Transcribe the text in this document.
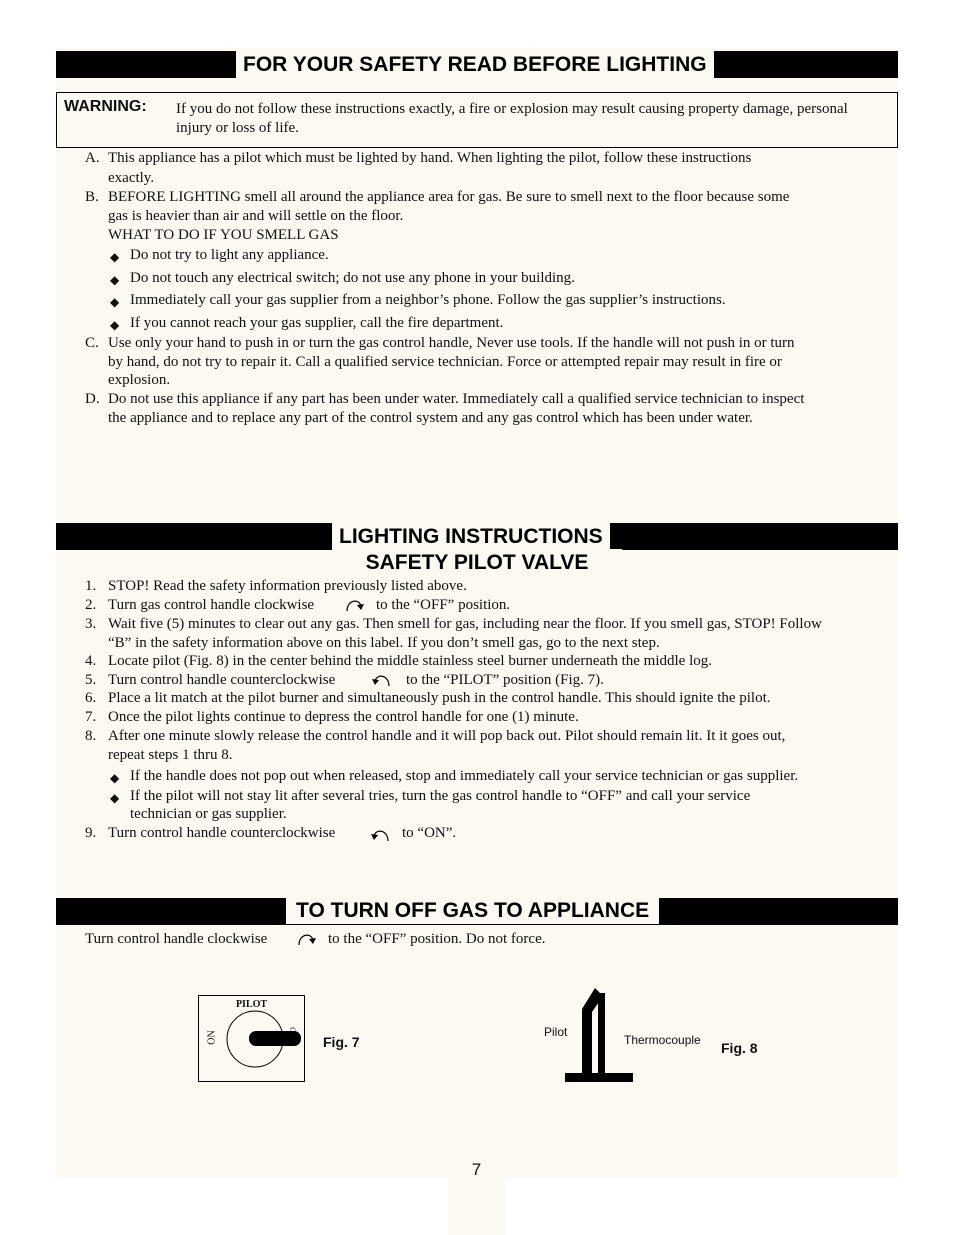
FOR YOUR SAFETY READ BEFORE LIGHTING
WARNING: If you do not follow these instructions exactly, a fire or explosion may result causing property damage, personal injury or loss of life.
A. This appliance has a pilot which must be lighted by hand. When lighting the pilot, follow these instructions
exactly.
B. BEFORE LIGHTING smell all around the appliance area for gas. Be sure to smell next to the floor because some
gas is heavier than air and will settle on the floor.
WHAT TO DO IF YOU SMELL GAS
◆ Do not try to light any appliance.
◆ Do not touch any electrical switch; do not use any phone in your building.
◆ Immediately call your gas supplier from a neighbor’s phone. Follow the gas supplier’s instructions.
◆ If you cannot reach your gas supplier, call the fire department.
C. Use only your hand to push in or turn the gas control handle, Never use tools. If the handle will not push in or turn
by hand, do not try to repair it. Call a qualified service technician. Force or attempted repair may result in fire or
explosion.
D. Do not use this appliance if any part has been under water. Immediately call a qualified service technician to inspect
the appliance and to replace any part of the control system and any gas control which has been under water.
LIGHTING INSTRUCTIONS
SAFETY PILOT VALVE
1. STOP! Read the safety information previously listed above.
2. Turn gas control handle clockwise	to the “OFF” position.
3. Wait five (5) minutes to clear out any gas. Then smell for gas, including near the floor. If you smell gas, STOP! Follow
“B” in the safety information above on this label. If you don’t smell gas, go to the next step.
4. Locate pilot (Fig. 8) in the center behind the middle stainless steel burner underneath the middle log.
5. Turn control handle counterclockwise	to the “PILOT” position (Fig. 7).
6. Place a lit match at the pilot burner and simultaneously push in the control handle. This should ignite the pilot.
7. Once the pilot lights continue to depress the control handle for one (1) minute.
8. After one minute slowly release the control handle and it will pop back out. Pilot should remain lit. It it goes out,
repeat steps 1 thru 8.
◆ If the handle does not pop out when released, stop and immediately call your service technician or gas supplier.
◆ If the pilot will not stay lit after several tries, turn the gas control handle to “OFF” and call your service
technician or gas supplier.
9. Turn control handle counterclockwise	to “ON”.
TO TURN OFF GAS TO APPLIANCE
Turn control handle clockwise	to the “OFF” position. Do not force.
PILOT
ON	Fig. 7
Pilot
Thermocouple Fig. 8
7
